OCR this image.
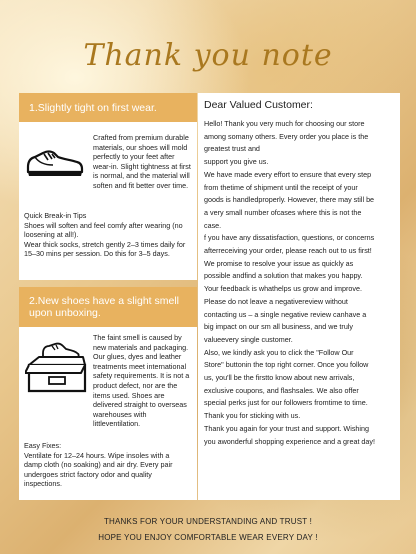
Thank you note
1.Slightly tight on first wear.
Crafted from premium durable
materials, our shoes will mold
perfectly to your feet after
wear-in. Slight tightness at first
is normal, and the material will
soften and fit better over time.
Quick Break-in Tips
Shoes will soften and feel comfy after wearing (no
loosening at all!).
Wear thick socks, stretch gently 2–3 times daily for
15–30 mins per session. Do this for 3–5 days.
2.New shoes have a slight smell upon unboxing.
The faint smell is caused by
new materials and packaging.
Our glues, dyes and leather
treatments meet international
safety requirements. It is not a
product defect, nor are the
items used. Shoes are
delivered straight to overseas
warehouses with
littleventilation.
Easy Fixes:
Ventilate for 12–24 hours. Wipe insoles with a
damp cloth (no soaking) and air dry. Every pair
undergoes strict factory odor and quality
inspections.
Dear Valued Customer:

Hello! Thank you very much for choosing our store

among somany others. Every order you place is the

greatest trust and

support you give us.

We have made every effort to ensure that every step

from thetime of shipment until the receipt of your

goods is handledproperly. However, there may still be

a very small number ofcases where this is not the

case.

f you have any dissatisfaction, questions, or concerns

afterreceiving your order, please reach out to us first!

We promise to resolve your issue as quickly as

possible andfind a solution that makes you happy.

Your feedback is whathelps us grow and improve.

Please do not leave a negativereview without

contacting us – a single negative review canhave a

big impact on our sm all business, and we truly

valueevery single customer.

Also, we kindly ask you to click the "Follow Our

Store" buttonin the top right corner. Once you follow

us, you'll be the firstto know about new arrivals,

exclusive coupons, and flashsales. We also offer

special perks just for our followers fromtime to time.

Thank you for sticking with us.

Thank you again for your trust and support. Wishing

you awonderful shopping experience and a great day!

THANKS FOR YOUR UNDERSTANDING AND TRUST !
HOPE YOU ENJOY COMFORTABLE WEAR EVERY DAY !
